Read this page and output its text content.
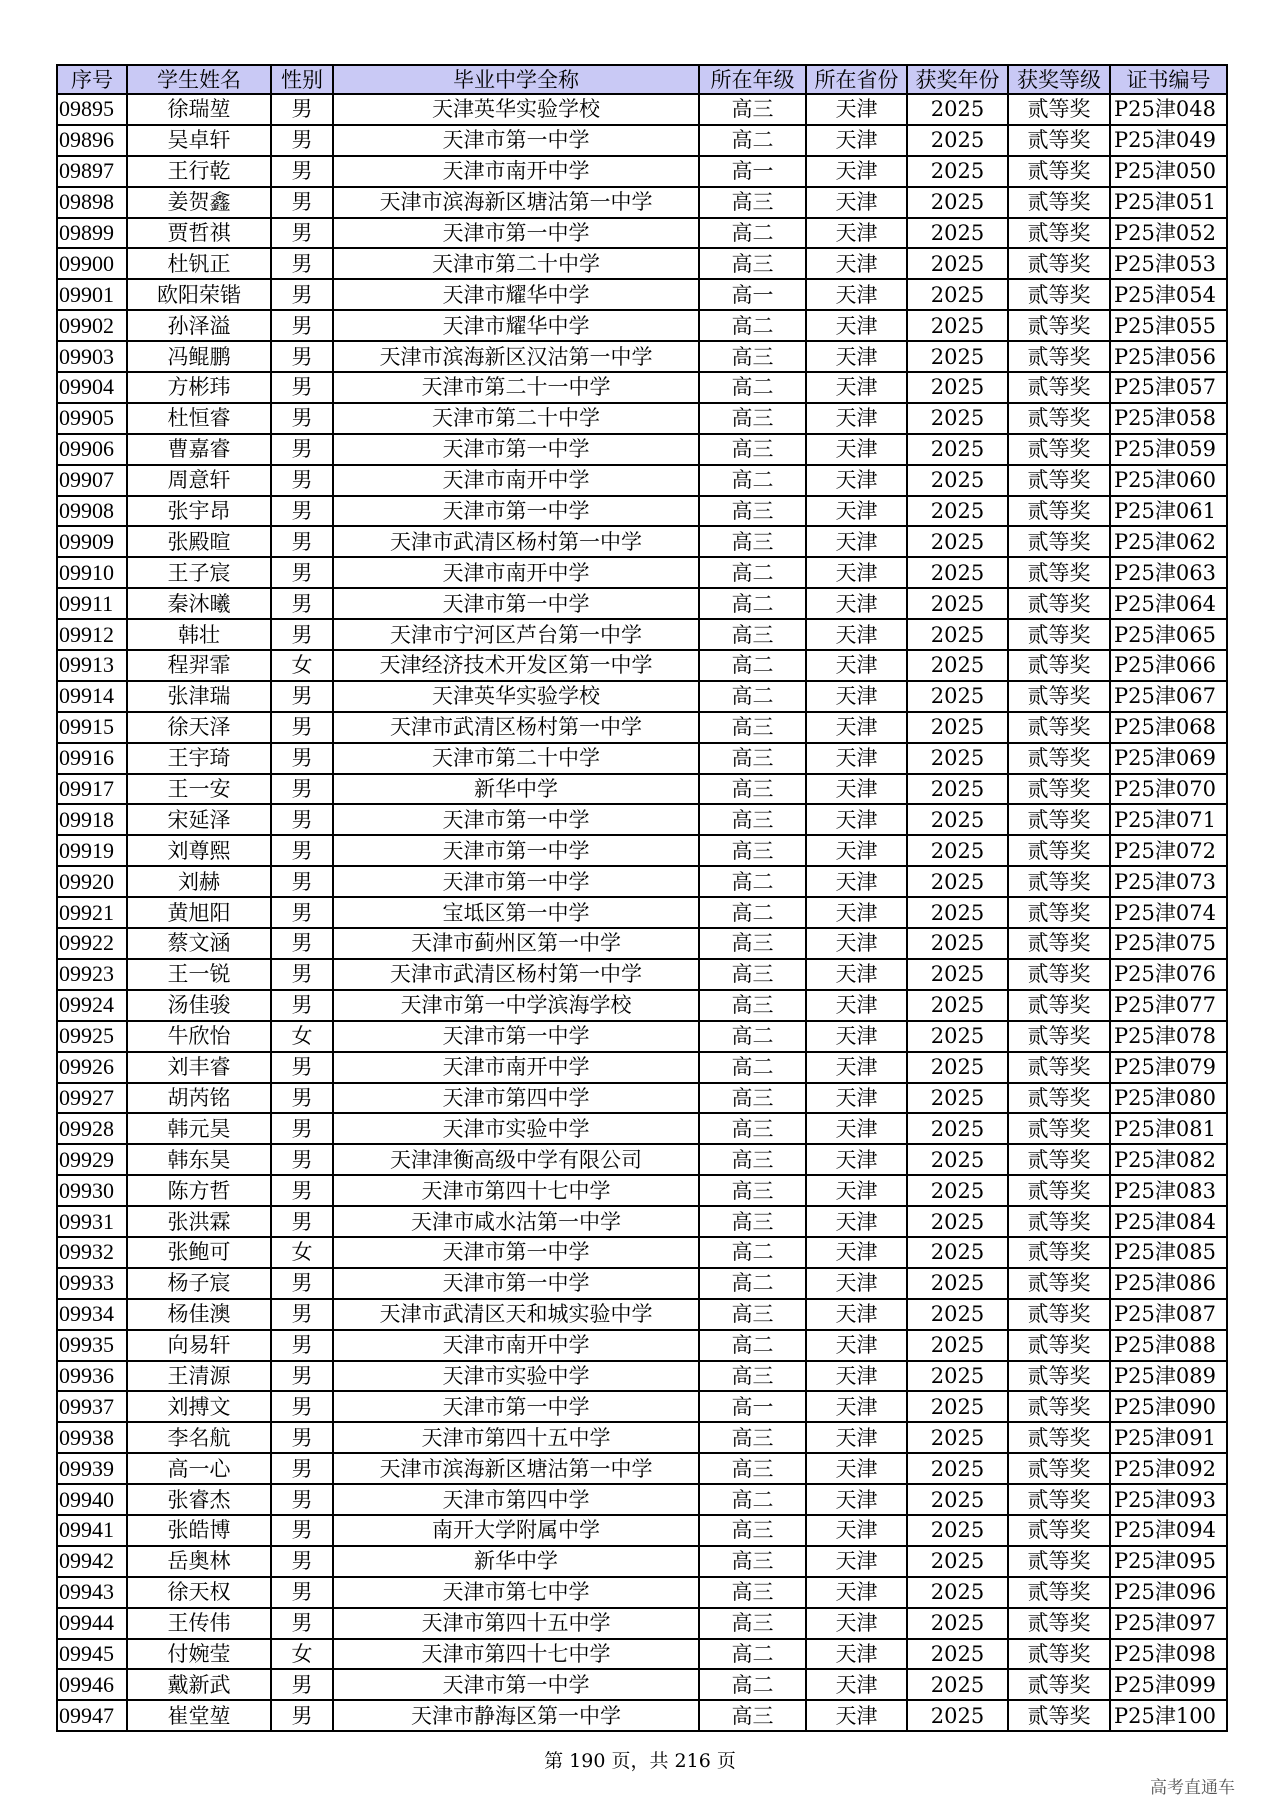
序号	学生姓名	性别	毕业中学全称	所在年级	所在省份	获奖年份	获奖等级	证书编号
09895	徐瑞堃	男	天津英华实验学校	高三	天津	2025	贰等奖	P25津048
09896	吴卓轩	男	天津市第一中学	高二	天津	2025	贰等奖	P25津049
09897	王行乾	男	天津市南开中学	高一	天津	2025	贰等奖	P25津050
09898	姜贺鑫	男	天津市滨海新区塘沽第一中学	高三	天津	2025	贰等奖	P25津051
09899	贾哲祺	男	天津市第一中学	高二	天津	2025	贰等奖	P25津052
09900	杜钒正	男	天津市第二十中学	高三	天津	2025	贰等奖	P25津053
09901	欧阳荣锴	男	天津市耀华中学	高一	天津	2025	贰等奖	P25津054
09902	孙泽溢	男	天津市耀华中学	高二	天津	2025	贰等奖	P25津055
09903	冯鲲鹏	男	天津市滨海新区汉沽第一中学	高三	天津	2025	贰等奖	P25津056
09904	方彬玮	男	天津市第二十一中学	高二	天津	2025	贰等奖	P25津057
09905	杜恒睿	男	天津市第二十中学	高三	天津	2025	贰等奖	P25津058
09906	曹嘉睿	男	天津市第一中学	高三	天津	2025	贰等奖	P25津059
09907	周意轩	男	天津市南开中学	高二	天津	2025	贰等奖	P25津060
09908	张宇昂	男	天津市第一中学	高三	天津	2025	贰等奖	P25津061
09909	张殿暄	男	天津市武清区杨村第一中学	高三	天津	2025	贰等奖	P25津062
09910	王子宸	男	天津市南开中学	高二	天津	2025	贰等奖	P25津063
09911	秦沐曦	男	天津市第一中学	高二	天津	2025	贰等奖	P25津064
09912	韩壮	男	天津市宁河区芦台第一中学	高三	天津	2025	贰等奖	P25津065
09913	程羿霏	女	天津经济技术开发区第一中学	高二	天津	2025	贰等奖	P25津066
09914	张津瑞	男	天津英华实验学校	高二	天津	2025	贰等奖	P25津067
09915	徐天泽	男	天津市武清区杨村第一中学	高三	天津	2025	贰等奖	P25津068
09916	王宇琦	男	天津市第二十中学	高三	天津	2025	贰等奖	P25津069
09917	王一安	男	新华中学	高三	天津	2025	贰等奖	P25津070
09918	宋延泽	男	天津市第一中学	高三	天津	2025	贰等奖	P25津071
09919	刘尊熙	男	天津市第一中学	高三	天津	2025	贰等奖	P25津072
09920	刘赫	男	天津市第一中学	高二	天津	2025	贰等奖	P25津073
09921	黄旭阳	男	宝坻区第一中学	高二	天津	2025	贰等奖	P25津074
09922	蔡文涵	男	天津市蓟州区第一中学	高三	天津	2025	贰等奖	P25津075
09923	王一锐	男	天津市武清区杨村第一中学	高三	天津	2025	贰等奖	P25津076
09924	汤佳骏	男	天津市第一中学滨海学校	高三	天津	2025	贰等奖	P25津077
09925	牛欣怡	女	天津市第一中学	高二	天津	2025	贰等奖	P25津078
09926	刘丰睿	男	天津市南开中学	高二	天津	2025	贰等奖	P25津079
09927	胡芮铭	男	天津市第四中学	高三	天津	2025	贰等奖	P25津080
09928	韩元昊	男	天津市实验中学	高三	天津	2025	贰等奖	P25津081
09929	韩东昊	男	天津津衡高级中学有限公司	高三	天津	2025	贰等奖	P25津082
09930	陈方哲	男	天津市第四十七中学	高三	天津	2025	贰等奖	P25津083
09931	张洪霖	男	天津市咸水沽第一中学	高三	天津	2025	贰等奖	P25津084
09932	张鲍可	女	天津市第一中学	高二	天津	2025	贰等奖	P25津085
09933	杨子宸	男	天津市第一中学	高二	天津	2025	贰等奖	P25津086
09934	杨佳澳	男	天津市武清区天和城实验中学	高三	天津	2025	贰等奖	P25津087
09935	向易轩	男	天津市南开中学	高二	天津	2025	贰等奖	P25津088
09936	王清源	男	天津市实验中学	高三	天津	2025	贰等奖	P25津089
09937	刘搏文	男	天津市第一中学	高一	天津	2025	贰等奖	P25津090
09938	李名航	男	天津市第四十五中学	高三	天津	2025	贰等奖	P25津091
09939	高一心	男	天津市滨海新区塘沽第一中学	高三	天津	2025	贰等奖	P25津092
09940	张睿杰	男	天津市第四中学	高二	天津	2025	贰等奖	P25津093
09941	张皓博	男	南开大学附属中学	高三	天津	2025	贰等奖	P25津094
09942	岳奥林	男	新华中学	高三	天津	2025	贰等奖	P25津095
09943	徐天权	男	天津市第七中学	高三	天津	2025	贰等奖	P25津096
09944	王传伟	男	天津市第四十五中学	高三	天津	2025	贰等奖	P25津097
09945	付婉莹	女	天津市第四十七中学	高二	天津	2025	贰等奖	P25津098
09946	戴新武	男	天津市第一中学	高二	天津	2025	贰等奖	P25津099
09947	崔堂堃	男	天津市静海区第一中学	高三	天津	2025	贰等奖	P25津100
第 190 页，共 216 页
高考直通车
